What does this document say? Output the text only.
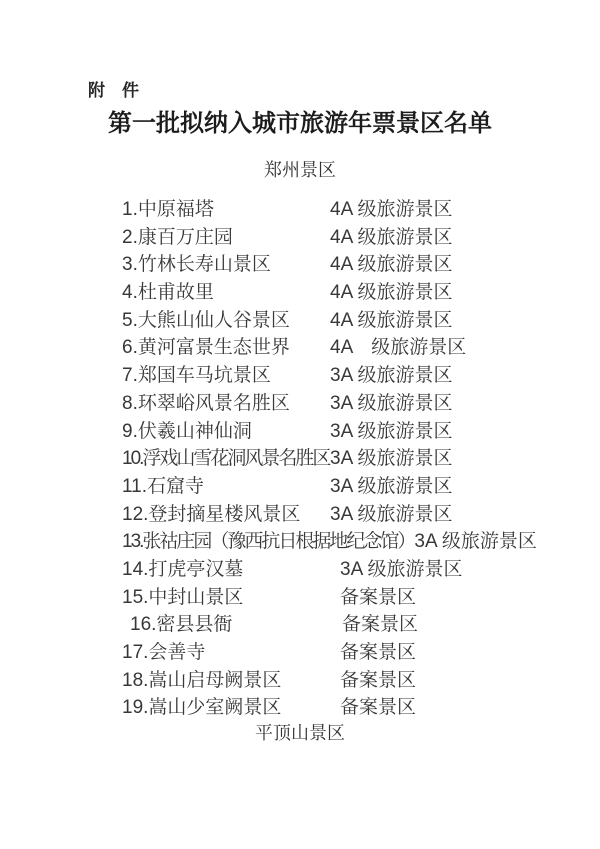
附　件
第一批拟纳入城市旅游年票景区名单
郑州景区
1.中原福塔	4A 级旅游景区
2.康百万庄园	4A 级旅游景区
3.竹林长寿山景区	4A 级旅游景区
4.杜甫故里	4A 级旅游景区
5.大熊山仙人谷景区 4A 级旅游景区
6.黄河富景生态世界 4A　级旅游景区
7.郑国车马坑景区	3A 级旅游景区
8.环翠峪风景名胜区 3A 级旅游景区
9.伏羲山神仙洞	3A 级旅游景区
10.浮戏山雪花洞风景名胜区3A 级旅游景区
11.石窟寺	3A 级旅游景区
12.登封摘星楼风景区 3A 级旅游景区
13.张祜庄园（豫西抗日根据地纪念馆）3A 级旅游景区
14.打虎亭汉墓	3A 级旅游景区
15.中封山景区	备案景区
16.密县县衙	备案景区
17.会善寺	备案景区
18.嵩山启母阙景区	备案景区
19.嵩山少室阙景区	备案景区
平顶山景区
